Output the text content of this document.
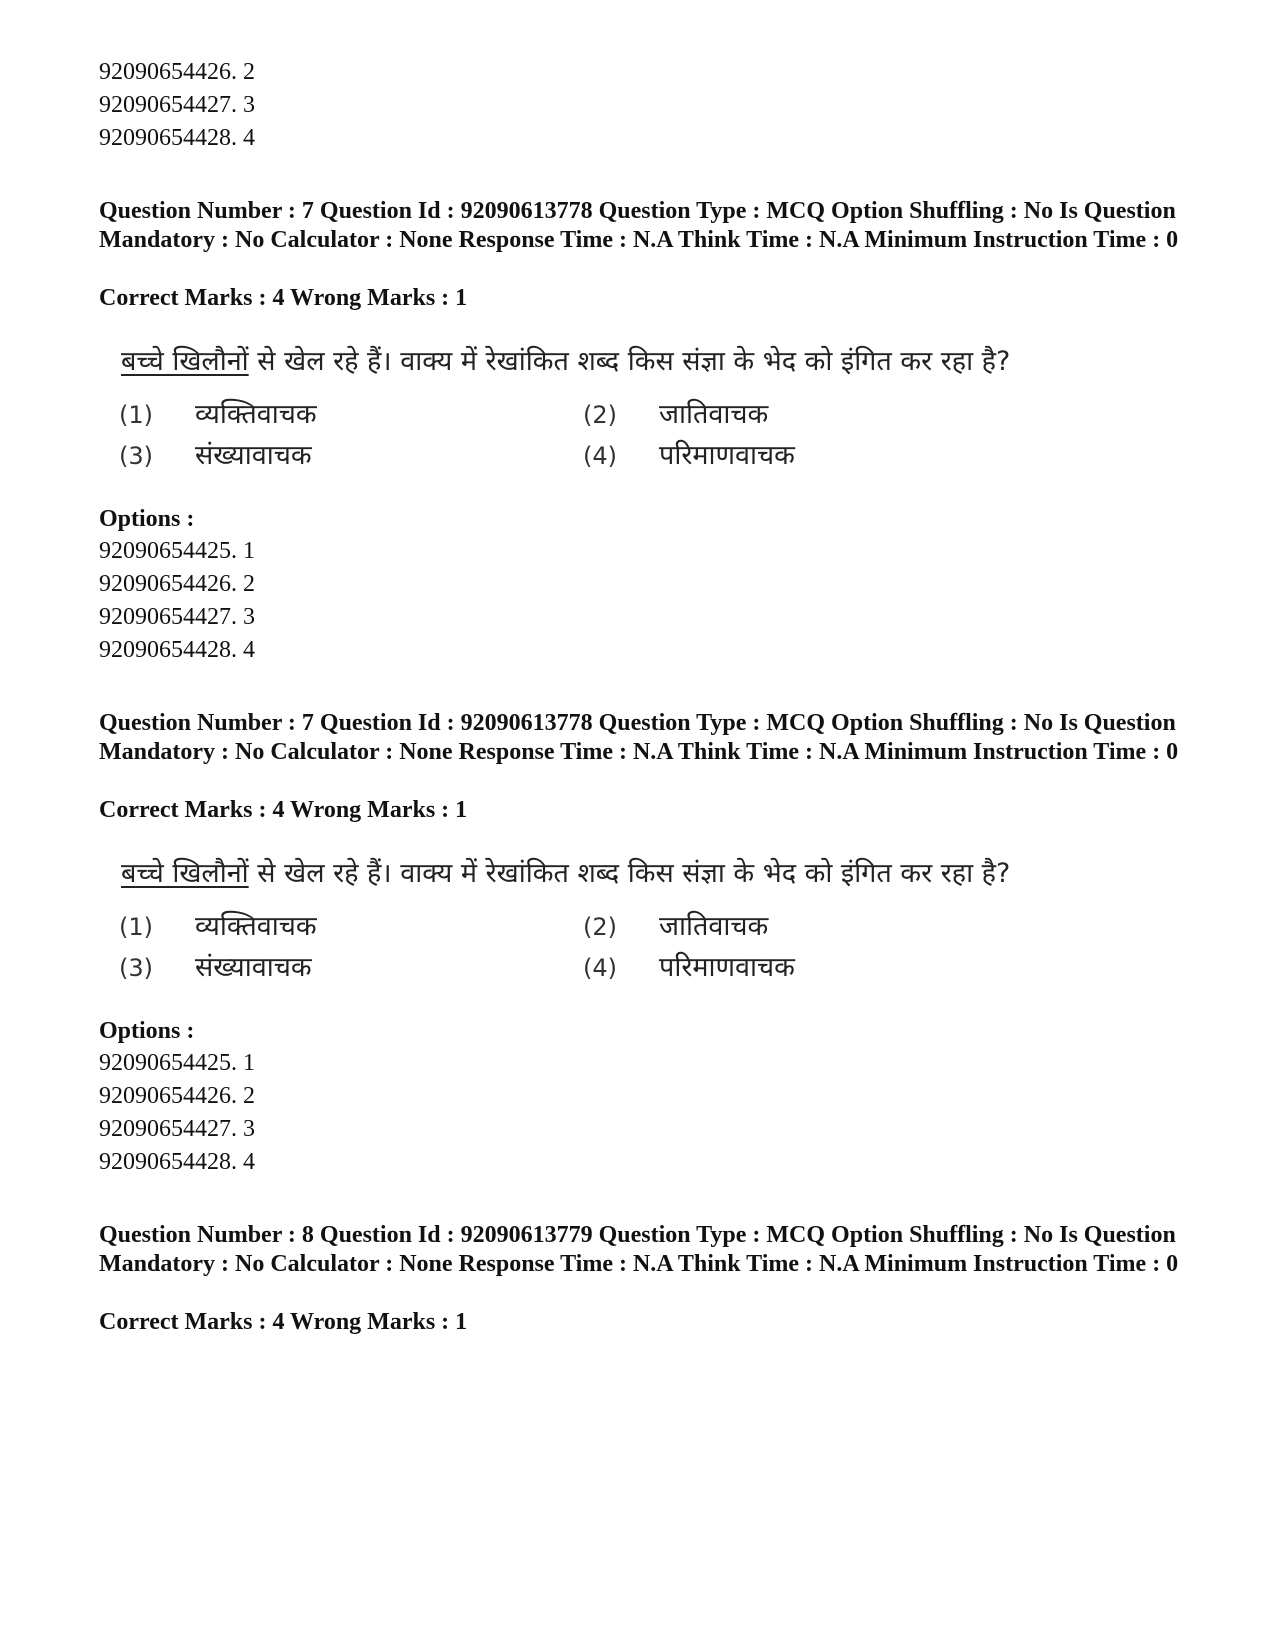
92090654426. 2
92090654427. 3
92090654428. 4
Question Number : 7 Question Id : 92090613778 Question Type : MCQ Option Shuffling : No Is Question Mandatory : No Calculator : None Response Time : N.A Think Time : N.A Minimum Instruction Time : 0
Correct Marks : 4 Wrong Marks : 1
बच्चे खिलौनों से खेल रहे हैं। वाक्य में रेखांकित शब्द किस संज्ञा के भेद को इंगित कर रहा है?
(1) व्यक्तिवाचक	(2) जातिवाचक
(3) संख्यावाचक	(4) परिमाणवाचक
Options :
92090654425. 1
92090654426. 2
92090654427. 3
92090654428. 4
Question Number : 7 Question Id : 92090613778 Question Type : MCQ Option Shuffling : No Is Question Mandatory : No Calculator : None Response Time : N.A Think Time : N.A Minimum Instruction Time : 0
Correct Marks : 4 Wrong Marks : 1
बच्चे खिलौनों से खेल रहे हैं। वाक्य में रेखांकित शब्द किस संज्ञा के भेद को इंगित कर रहा है?
(1) व्यक्तिवाचक	(2) जातिवाचक
(3) संख्यावाचक	(4) परिमाणवाचक
Options :
92090654425. 1
92090654426. 2
92090654427. 3
92090654428. 4
Question Number : 8 Question Id : 92090613779 Question Type : MCQ Option Shuffling : No Is Question Mandatory : No Calculator : None Response Time : N.A Think Time : N.A Minimum Instruction Time : 0
Correct Marks : 4 Wrong Marks : 1
